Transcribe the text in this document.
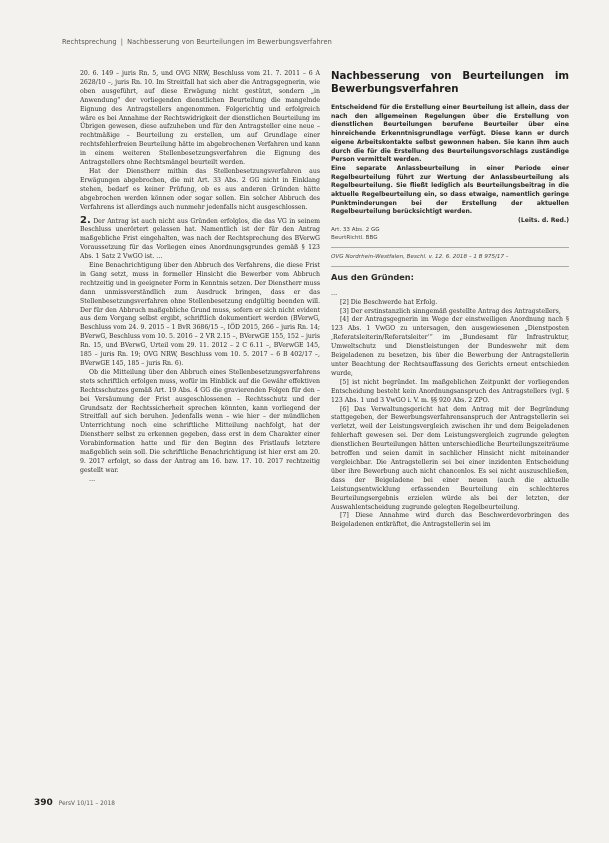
Rechtsprechung | Nachbesserung von Beurteilungen im Bewerbungsverfahren

20. 6. 149 – juris Rn. 5, und OVG NRW, Beschluss vom 21. 7. 2011 – 6 A 2628/10 –, juris Rn. 10. Im Streitfall hat sich aber die Antragsgegnerin, wie oben ausgeführt, auf diese Erwägung nicht gestützt, sondern „in Anwendung“ der vorliegenden dienstlichen Beurteilung die mangelnde Eignung des Antragstellers angenommen. Folgerichtig und erfolgreich wäre es bei Annahme der Rechtswidrigkeit der dienstlichen Beurteilung im Übrigen gewesen, diese aufzuheben und für den Antragsteller eine neue – rechtmäßige – Beurteilung zu erstellen, um auf Grundlage einer rechtsfehlerfreien Beurteilung hätte im abgebrochenen Verfahren und kann in einem weiteren Stellenbesetzungsverfahren die Eignung des Antragstellers ohne Rechtsmängel beurteilt werden.

Hat der Dienstherr mithin das Stellenbesetzungsverfahren aus Erwägungen abgebrochen, die mit Art. 33 Abs. 2 GG nicht in Einklang stehen, bedarf es keiner Prüfung, ob es aus anderen Gründen hätte abgebrochen werden können oder sogar sollen. Ein solcher Abbruch des Verfahrens ist allerdings auch nunmehr jedenfalls nicht ausgeschlossen.

2. Der Antrag ist auch nicht aus Gründen erfolglos, die das VG in seinem Beschluss unerörtert gelassen hat. Namentlich ist der für den Antrag maßgebliche Frist eingehalten, was nach der Rechtsprechung des BVerwG Voraussetzung für das Vorliegen eines Anordnungsgrundes gemäß § 123 Abs. 1 Satz 2 VwGO ist. …

Eine Benachrichtigung über den Abbruch des Verfahrens, die diese Frist in Gang setzt, muss in formeller Hinsicht die Bewerber vom Abbruch rechtzeitig und in geeigneter Form in Kenntnis setzen. Der Dienstherr muss dann unmissverständlich zum Ausdruck bringen, dass er das Stellenbesetzungsverfahren ohne Stellenbesetzung endgültig beenden will. Der für den Abbruch maßgebliche Grund muss, sofern er sich nicht evident aus dem Vorgang selbst ergibt, schriftlich dokumentiert werden (BVerwG, Beschluss vom 24. 9. 2015 – 1 BvR 3686/15 –, IÖD 2015, 266 – juris Rn. 14; BVerwG, Beschluss vom 10. 5. 2016 – 2 VR 2.15 –, BVerwGE 155, 152 – juris Rn. 15, und BVerwG, Urteil vom 29. 11. 2012 – 2 C 6.11 –, BVerwGE 145, 185 – juris Rn. 19; OVG NRW, Beschluss vom 10. 5. 2017 – 6 B 402/17 –, BVerwGE 145, 185 – juris Rn. 6).

Ob die Mitteilung über den Abbruch eines Stellenbesetzungsverfahrens stets schriftlich erfolgen muss, wofür im Hinblick auf die Gewähr effektiven Rechtsschutzes gemäß Art. 19 Abs. 4 GG die gravierenden Folgen für den – bei Versäumung der Frist ausgeschlossenen – Rechtsschutz und der Grundsatz der Rechtssicherheit sprechen könnten, kann vorliegend der Streitfall auf sich beruhen. Jedenfalls wenn – wie hier – der mündlichen Unterrichtung noch eine schriftliche Mitteilung nachfolgt, hat der Dienstherr selbst zu erkennen gegeben, dass erst in dem Charakter einer Vorabinformation hatte und für den Beginn des Fristlaufs letztere maßgeblich sein soll. Die schriftliche Benachrichtigung ist hier erst am 20. 9. 2017 erfolgt, so dass der Antrag am 16. bzw. 17. 10. 2017 rechtzeitig gestellt war.

…

Nachbesserung von Beurteilungen im Bewerbungsverfahren

Entscheidend für die Erstellung einer Beurteilung ist allein, dass der nach den allgemeinen Regelungen über die Erstellung von dienstlichen Beurteilungen berufene Beurteiler über eine hinreichende Erkenntnisgrundlage verfügt. Diese kann er durch eigene Arbeitskontakte selbst gewonnen haben. Sie kann ihm auch durch die für die Erstellung des Beurteilungsvorschlags zuständige Person vermittelt werden.

Eine separate Anlassbeurteilung in einer Periode einer Regelbeurteilung führt zur Wertung der Anlassbeurteilung als Regelbeurteilung. Sie fließt lediglich als Beurteilungsbeitrag in die aktuelle Regelbeurteilung ein, so dass etwaige, namentlich geringe Punktminderungen bei der Erstellung der aktuellen Regelbeurteilung berücksichtigt werden.

(Leits. d. Red.)

Art. 33 Abs. 2 GG
BeurtRichtl. BBG
OVG Nordrhein-Westfalen, Beschl. v. 12. 6. 2018 – 1 B 975/17 –
Aus den Gründen:

…

[2] Die Beschwerde hat Erfolg.

[3] Der erstinstanzlich sinngemäß gestellte Antrag des Antragstellers,

[4] der Antragsgegnerin im Wege der einstweiligen Anordnung nach § 123 Abs. 1 VwGO zu untersagen, den ausgewiesenen „Dienstposten ‚Referatsleiterin/Referatsleiter‘“ im „Bundesamt für Infrastruktur, Umweltschutz und Dienstleistungen der Bundeswehr mit dem Beigeladenen zu besetzen, bis über die Bewerbung der Antragstellerin unter Beachtung der Rechtsauffassung des Gerichts erneut entschieden wurde,

[5] ist nicht begründet. Im maßgeblichen Zeitpunkt der vorliegenden Entscheidung besteht kein Anordnungsanspruch des Antragstellers (vgl. § 123 Abs. 1 und 3 VwGO i. V. m. §§ 920 Abs. 2 ZPO.

[6] Das Verwaltungsgericht hat dem Antrag mit der Begründung stattgegeben, der Bewerbungsverfahrensanspruch der Antragstellerin sei verletzt, weil der Leistungsvergleich zwischen ihr und dem Beigeladenen fehlerhaft gewesen sei. Der dem Leistungsvergleich zugrunde gelegten dienstlichen Beurteilungen hätten unterschiedliche Beurteilungszeiträume betroffen und seien damit in sachlicher Hinsicht nicht miteinander vergleichbar. Die Antragstellerin sei bei einer inzidenten Entscheidung über ihre Bewerbung auch nicht chancenlos. Es sei nicht auszuschließen, dass der Beigeladene bei einer neuen (auch die aktuelle Leistungsentwicklung erfassenden Beurteilung ein schlechteres Beurteilungsergebnis erzielen würde als bei der letzten, der Auswahlentscheidung zugrunde gelegten Regelbeurteilung.

[7] Diese Annahme wird durch das Beschwerdevorbringen des Beigeladenen entkräftet, die Antragstellerin sei im

390 PersV 10/11 – 2018
